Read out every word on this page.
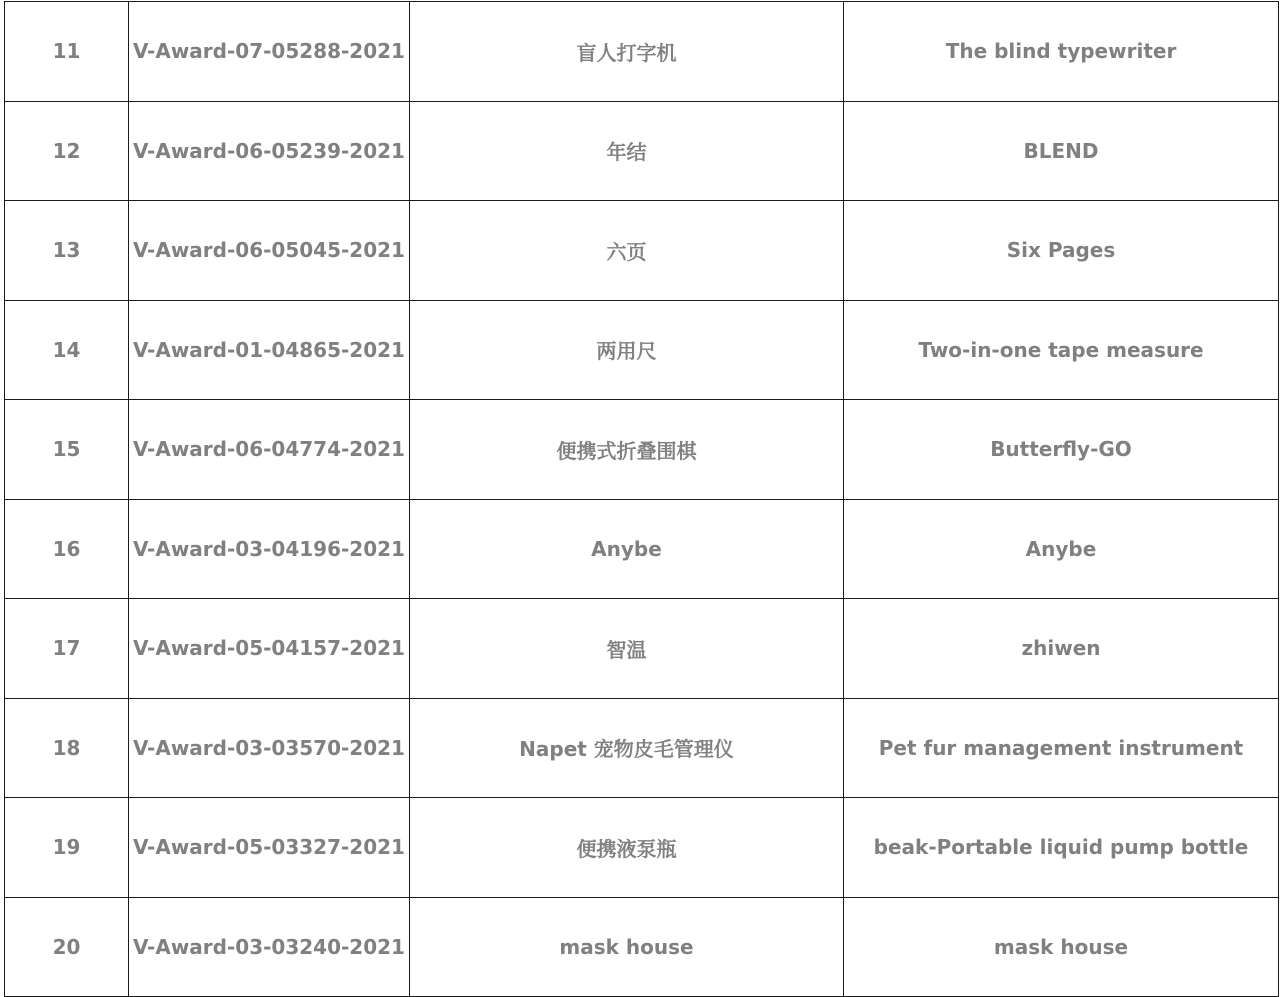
11	V-Award-07-05288-2021	盲人打字机	The blind typewriter
12	V-Award-06-05239-2021	年结	BLEND
13	V-Award-06-05045-2021	六页	Six Pages
14	V-Award-01-04865-2021	两用尺	Two-in-one tape measure
15	V-Award-06-04774-2021	便携式折叠围棋	Butterfly-GO
16	V-Award-03-04196-2021	Anybe	Anybe
17	V-Award-05-04157-2021	智温	zhiwen
18	V-Award-03-03570-2021	Napet 宠物皮毛管理仪	Pet fur management instrument
19	V-Award-05-03327-2021	便携液泵瓶	beak-Portable liquid pump bottle
20	V-Award-03-03240-2021	mask house	mask house
